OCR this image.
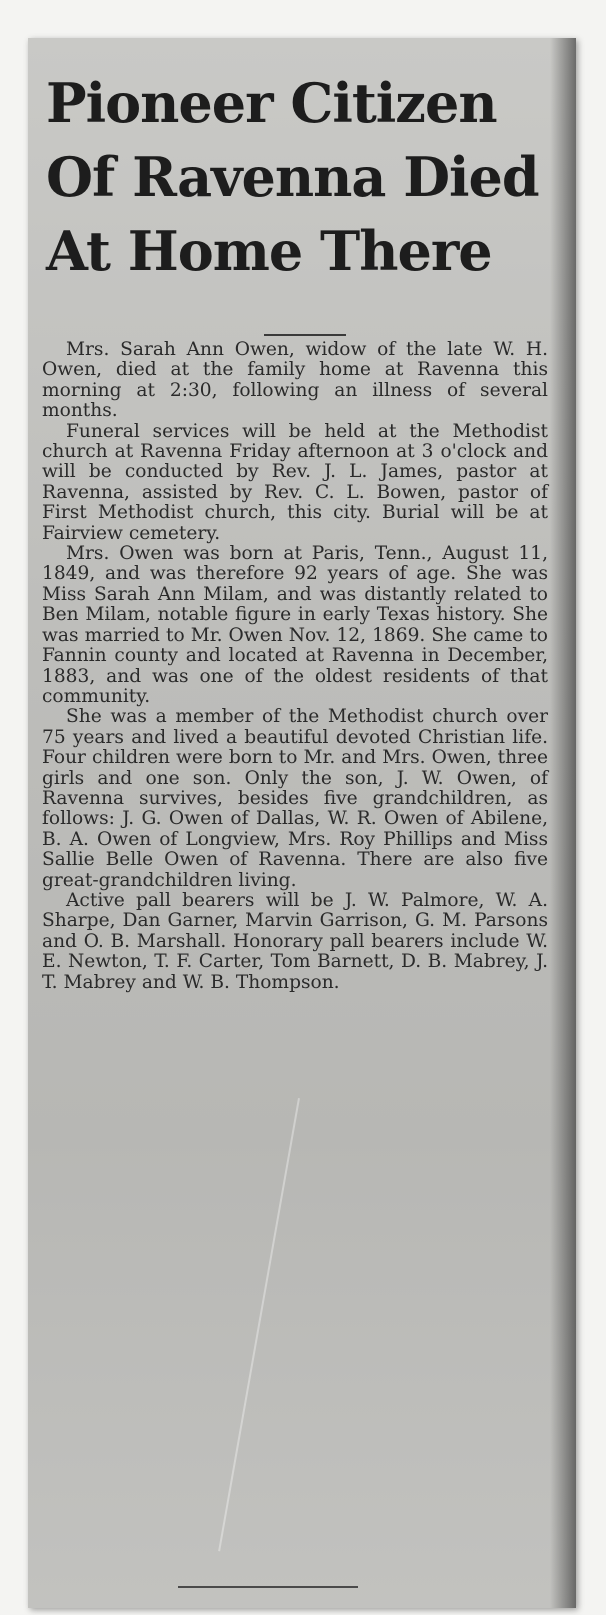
Pioneer Citizen
Of Ravenna Died
At Home There

Mrs. Sarah Ann Owen, widow of the late W. H. Owen, died at the family home at Ravenna this morning at 2:30, following an illness of several months.

Funeral services will be held at the Methodist church at Ravenna Friday afternoon at 3 o'clock and will be conducted by Rev. J. L. James, pastor at Ravenna, assisted by Rev. C. L. Bowen, pastor of First Methodist church, this city. Burial will be at Fairview cemetery.

Mrs. Owen was born at Paris, Tenn., August 11, 1849, and was therefore 92 years of age. She was Miss Sarah Ann Milam, and was distantly related to Ben Milam, notable figure in early Texas history. She was married to Mr. Owen Nov. 12, 1869. She came to Fannin county and located at Ravenna in December, 1883, and was one of the oldest residents of that community.

She was a member of the Methodist church over 75 years and lived a beautiful devoted Christian life. Four children were born to Mr. and Mrs. Owen, three girls and one son. Only the son, J. W. Owen, of Ravenna survives, besides five grandchildren, as follows: J. G. Owen of Dallas, W. R. Owen of Abilene, B. A. Owen of Longview, Mrs. Roy Phillips and Miss Sallie Belle Owen of Ravenna. There are also five great-grandchildren living.

Active pall bearers will be J. W. Palmore, W. A. Sharpe, Dan Garner, Marvin Garrison, G. M. Parsons and O. B. Marshall. Honorary pall bearers include W. E. Newton, T. F. Carter, Tom Barnett, D. B. Mabrey, J. T. Mabrey and W. B. Thompson.
